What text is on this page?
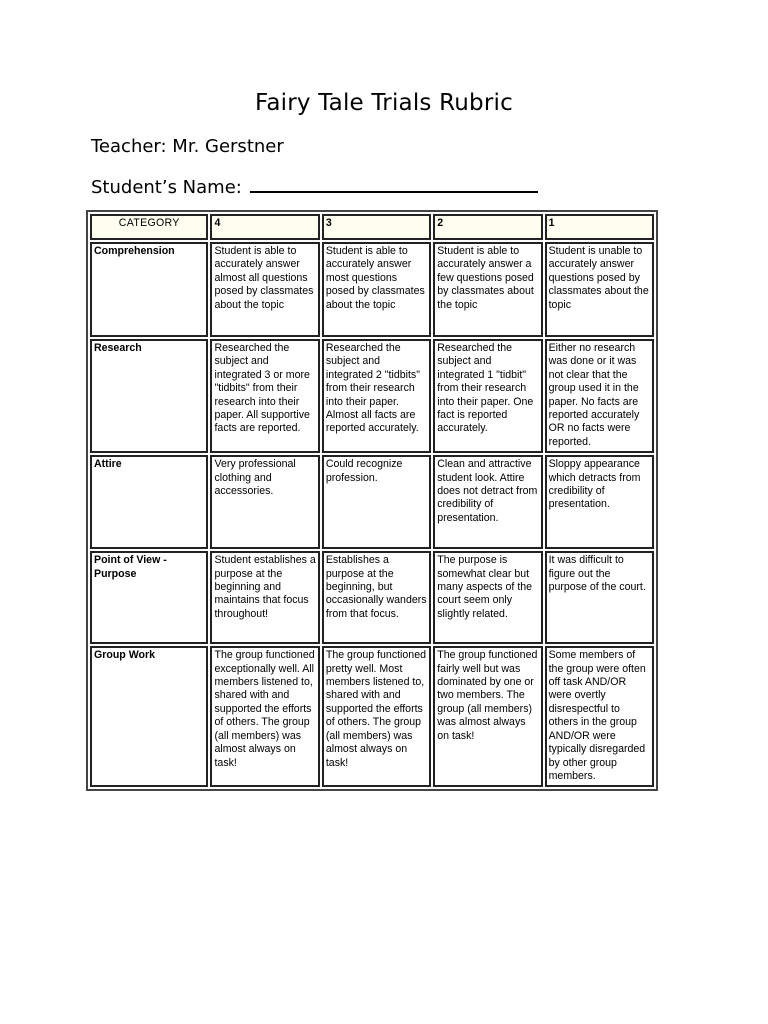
Fairy Tale Trials Rubric
Teacher: Mr. Gerstner
Student’s Name:
CATEGORY	4	3	2	1
Comprehension	Student is able to accurately answer almost all questions posed by classmates about the topic	Student is able to accurately answer most questions posed by classmates about the topic	Student is able to accurately answer a few questions posed by classmates about the topic	Student is unable to accurately answer questions posed by classmates about the topic
Research	Researched the subject and integrated 3 or more "tidbits" from their research into their paper. All supportive facts are reported.	Researched the subject and integrated 2 "tidbits" from their research into their paper. Almost all facts are reported accurately.	Researched the subject and integrated 1 "tidbit" from their research into their paper. One fact is reported accurately.	Either no research was done or it was not clear that the group used it in the paper. No facts are reported accurately OR no facts were reported.
Attire	Very professional clothing and accessories.	Could recognize profession.	Clean and attractive student look. Attire does not detract from credibility of presentation.	Sloppy appearance which detracts from credibility of presentation.
Point of View - Purpose	Student establishes a purpose at the beginning and maintains that focus throughout!	Establishes a purpose at the beginning, but occasionally wanders from that focus.	The purpose is somewhat clear but many aspects of the court seem only slightly related.	It was difficult to figure out the purpose of the court.
Group Work	The group functioned exceptionally well. All members listened to, shared with and supported the efforts of others. The group (all members) was almost always on task!	The group functioned pretty well. Most members listened to, shared with and supported the efforts of others. The group (all members) was almost always on task!	The group functioned fairly well but was dominated by one or two members. The group (all members) was almost always on task!	Some members of the group were often off task AND/OR were overtly disrespectful to others in the group AND/OR were typically disregarded by other group members.
